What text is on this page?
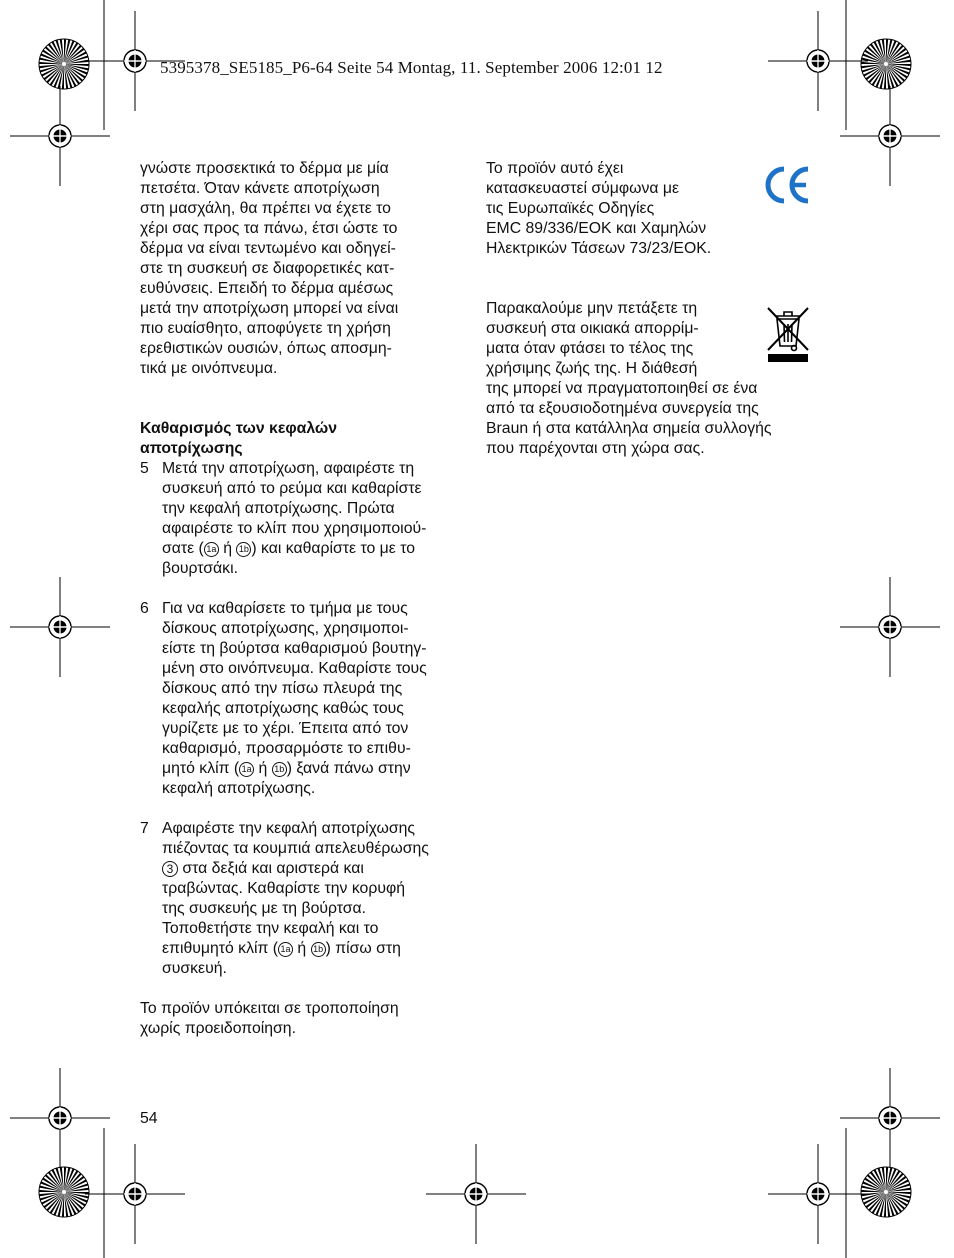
5395378_SE5185_P6-64 Seite 54 Montag, 11. September 2006 12:01 12

γνώστε προσεκτικά το δέρμα με μία

πετσέτα. Όταν κάνετε αποτρίχωση

στη μασχάλη, θα πρέπει να έχετε το

χέρι σας προς τα πάνω, έτσι ώστε το

δέρμα να είναι τεντωμένο και οδηγεί-

στε τη συσκευή σε διαφορετικές κατ-

ευθύνσεις. Επειδή το δέρμα αμέσως

μετά την αποτρίχωση μπορεί να είναι

πιο ευαίσθητο, αποφύγετε τη χρήση

ερεθιστικών ουσιών, όπως αποσμη-

τικά με οινόπνευμα.

Καθαρισμός των κεφαλών

αποτρίχωσης

5 Μετά την αποτρίχωση, αφαιρέστε τη

συσκευή από το ρεύμα και καθαρίστε

την κεφαλή αποτρίχωσης. Πρώτα

αφαιρέστε το κλίπ που χρησιμοποιού-

σατε ( 1a ή 1b ) και καθαρίστε το με το

βουρτσάκι.

6 Για να καθαρίσετε το τμήμα με τους

δίσκους αποτρίχωσης, χρησιμοποι-

είστε τη βούρτσα καθαρισμού βουτηγ-

μένη στο οινόπνευμα. Καθαρίστε τους

δίσκους από την πίσω πλευρά της

κεφαλής αποτρίχωσης καθώς τους

γυρίζετε με το χέρι. Έπειτα από τον

καθαρισμό, προσαρμόστε το επιθυ-

μητό κλίπ ( 1a ή 1b ) ξανά πάνω στην

κεφαλή αποτρίχωσης.

7 Αφαιρέστε την κεφαλή αποτρίχωσης

πιέζοντας τα κουμπιά απελευθέρωσης

3 στα δεξιά και αριστερά και

τραβώντας. Καθαρίστε την κορυφή

της συσκευής με τη βούρτσα.

Τοποθετήστε την κεφαλή και το

επιθυμητό κλίπ ( 1a ή 1b ) πίσω στη

συσκευή.

Το προϊόν υπόκειται σε τροποποίηση

χωρίς προειδοποίηση.

Το προϊόν αυτό έχει

κατασκευαστεί σύμφωνα με

τις Ευρωπαϊκές Οδηγίες

EMC 89/336/ΕΟΚ και Χαμηλών

Ηλεκτρικών Τάσεων 73/23/ΕΟΚ.

Παρακαλούμε μην πετάξετε τη

συσκευή στα οικιακά απορρίμ-

ματα όταν φτάσει το τέλος της

χρήσιμης ζωής της. Η διάθεσή

της μπορεί να πραγματοποιηθεί σε ένα

από τα εξουσιοδοτημένα συνεργεία της

Braun ή στα κατάλληλα σημεία συλλογής

που παρέχονται στη χώρα σας.

54
